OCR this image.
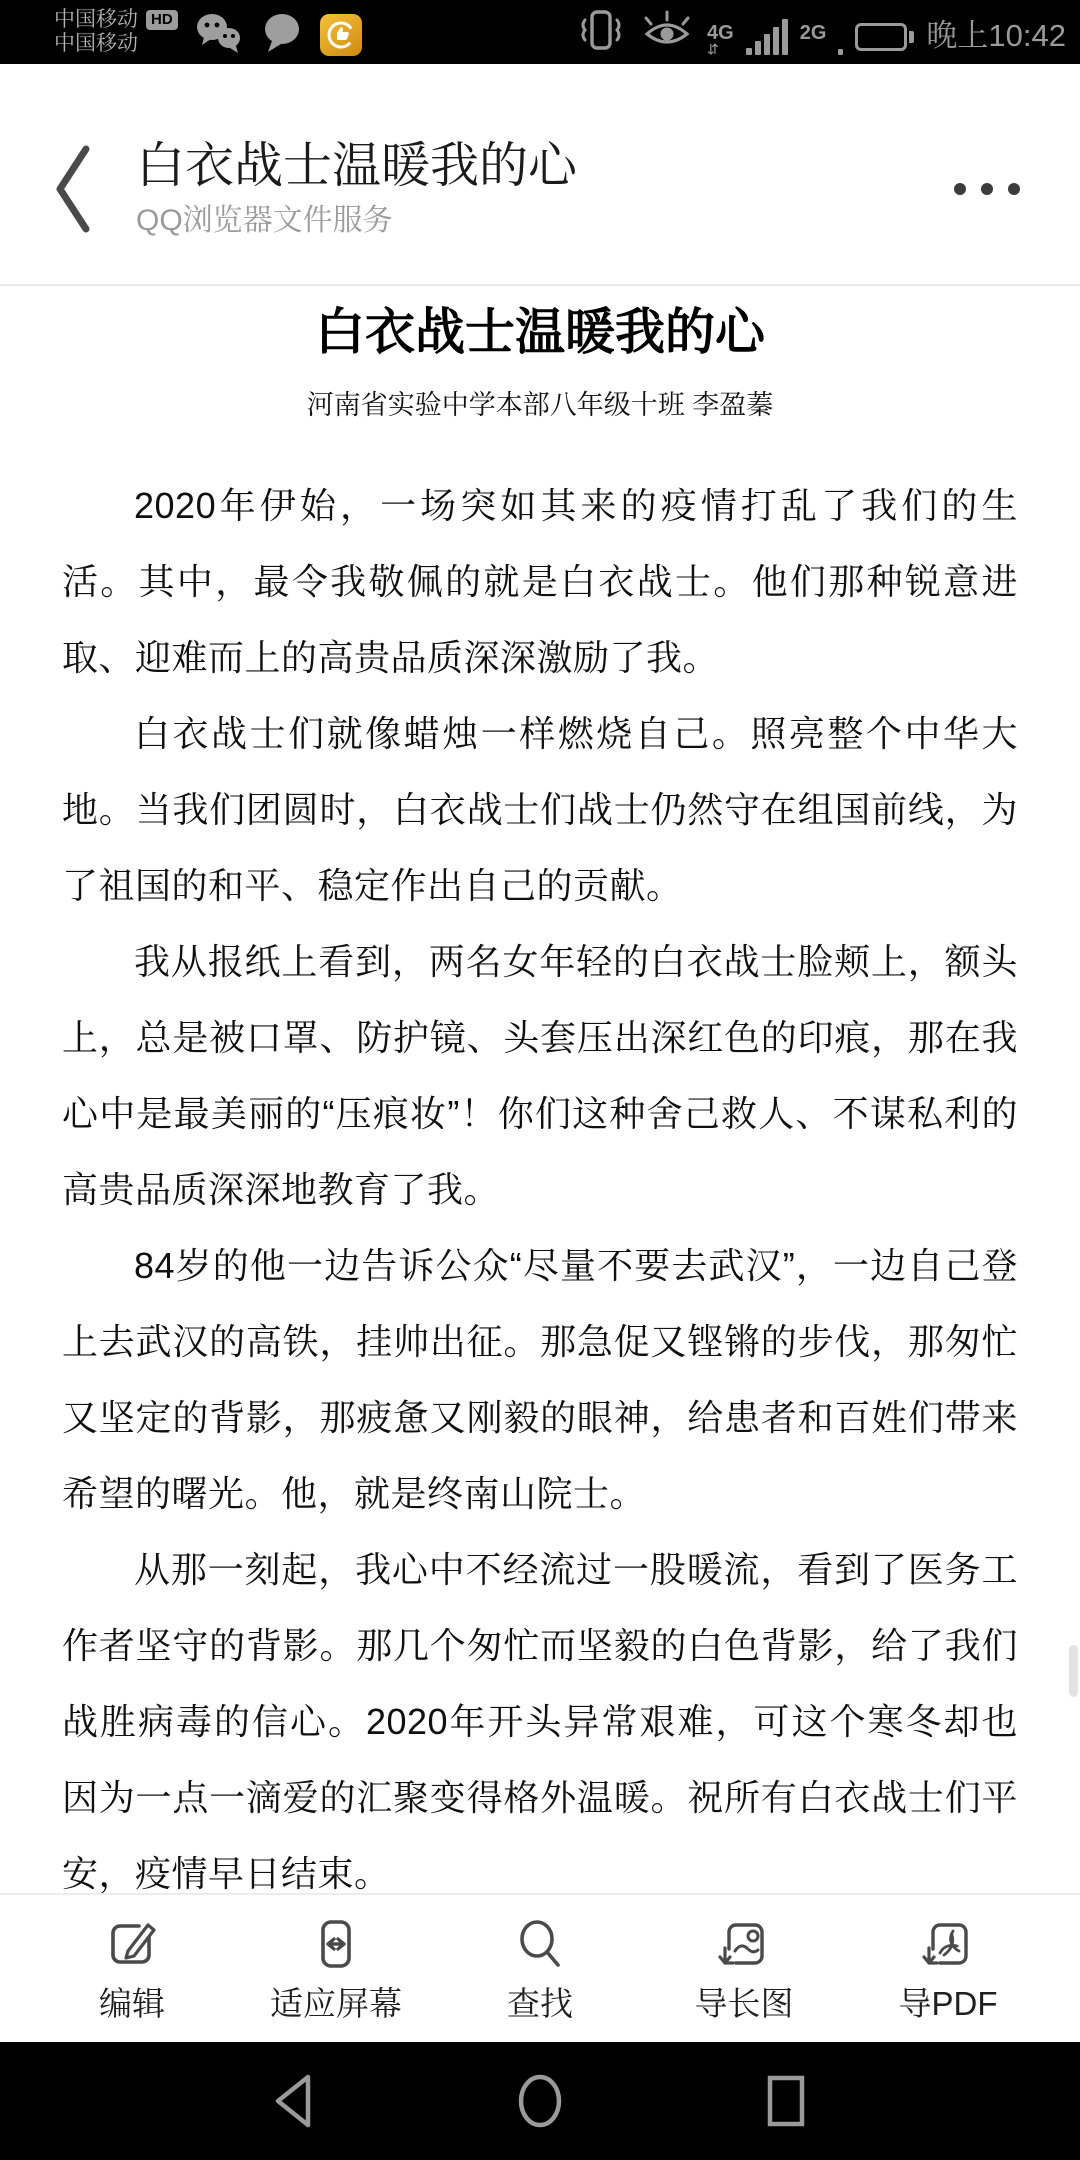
中国移动 HD
中国移动	4G
⇵
2G
	晚上10:42
白衣战士温暖我的心
QQ浏览器文件服务
白衣战士温暖我的心
河南省实验中学本部八年级十班 李盈蓁

2020年伊始，一场突如其来的疫情打乱了我们的生活。其中，最令我敬佩的就是白衣战士。他们那种锐意进取、迎难而上的高贵品质深深激励了我。

白衣战士们就像蜡烛一样燃烧自己。照亮整个中华大地。当我们团圆时，白衣战士们战士仍然守在组国前线，为了祖国的和平、稳定作出自己的贡献。

我从报纸上看到，两名女年轻的白衣战士脸颊上，额头上，总是被口罩、防护镜、头套压出深红色的印痕，那在我心中是最美丽的“压痕妆”！你们这种舍己救人、不谋私利的高贵品质深深地教育了我。

84岁的他一边告诉公众“尽量不要去武汉”，一边自己登上去武汉的高铁，挂帅出征。那急促又铿锵的步伐，那匆忙又坚定的背影，那疲惫又刚毅的眼神，给患者和百姓们带来希望的曙光。他，就是终南山院士。

从那一刻起，我心中不经流过一股暖流，看到了医务工作者坚守的背影。那几个匆忙而坚毅的白色背影，给了我们战胜病毒的信心。2020年开头异常艰难，可这个寒冬却也因为一点一滴爱的汇聚变得格外温暖。祝所有白衣战士们平安，疫情早日结束。

编辑	适应屏幕	查找	导长图	导PDF
